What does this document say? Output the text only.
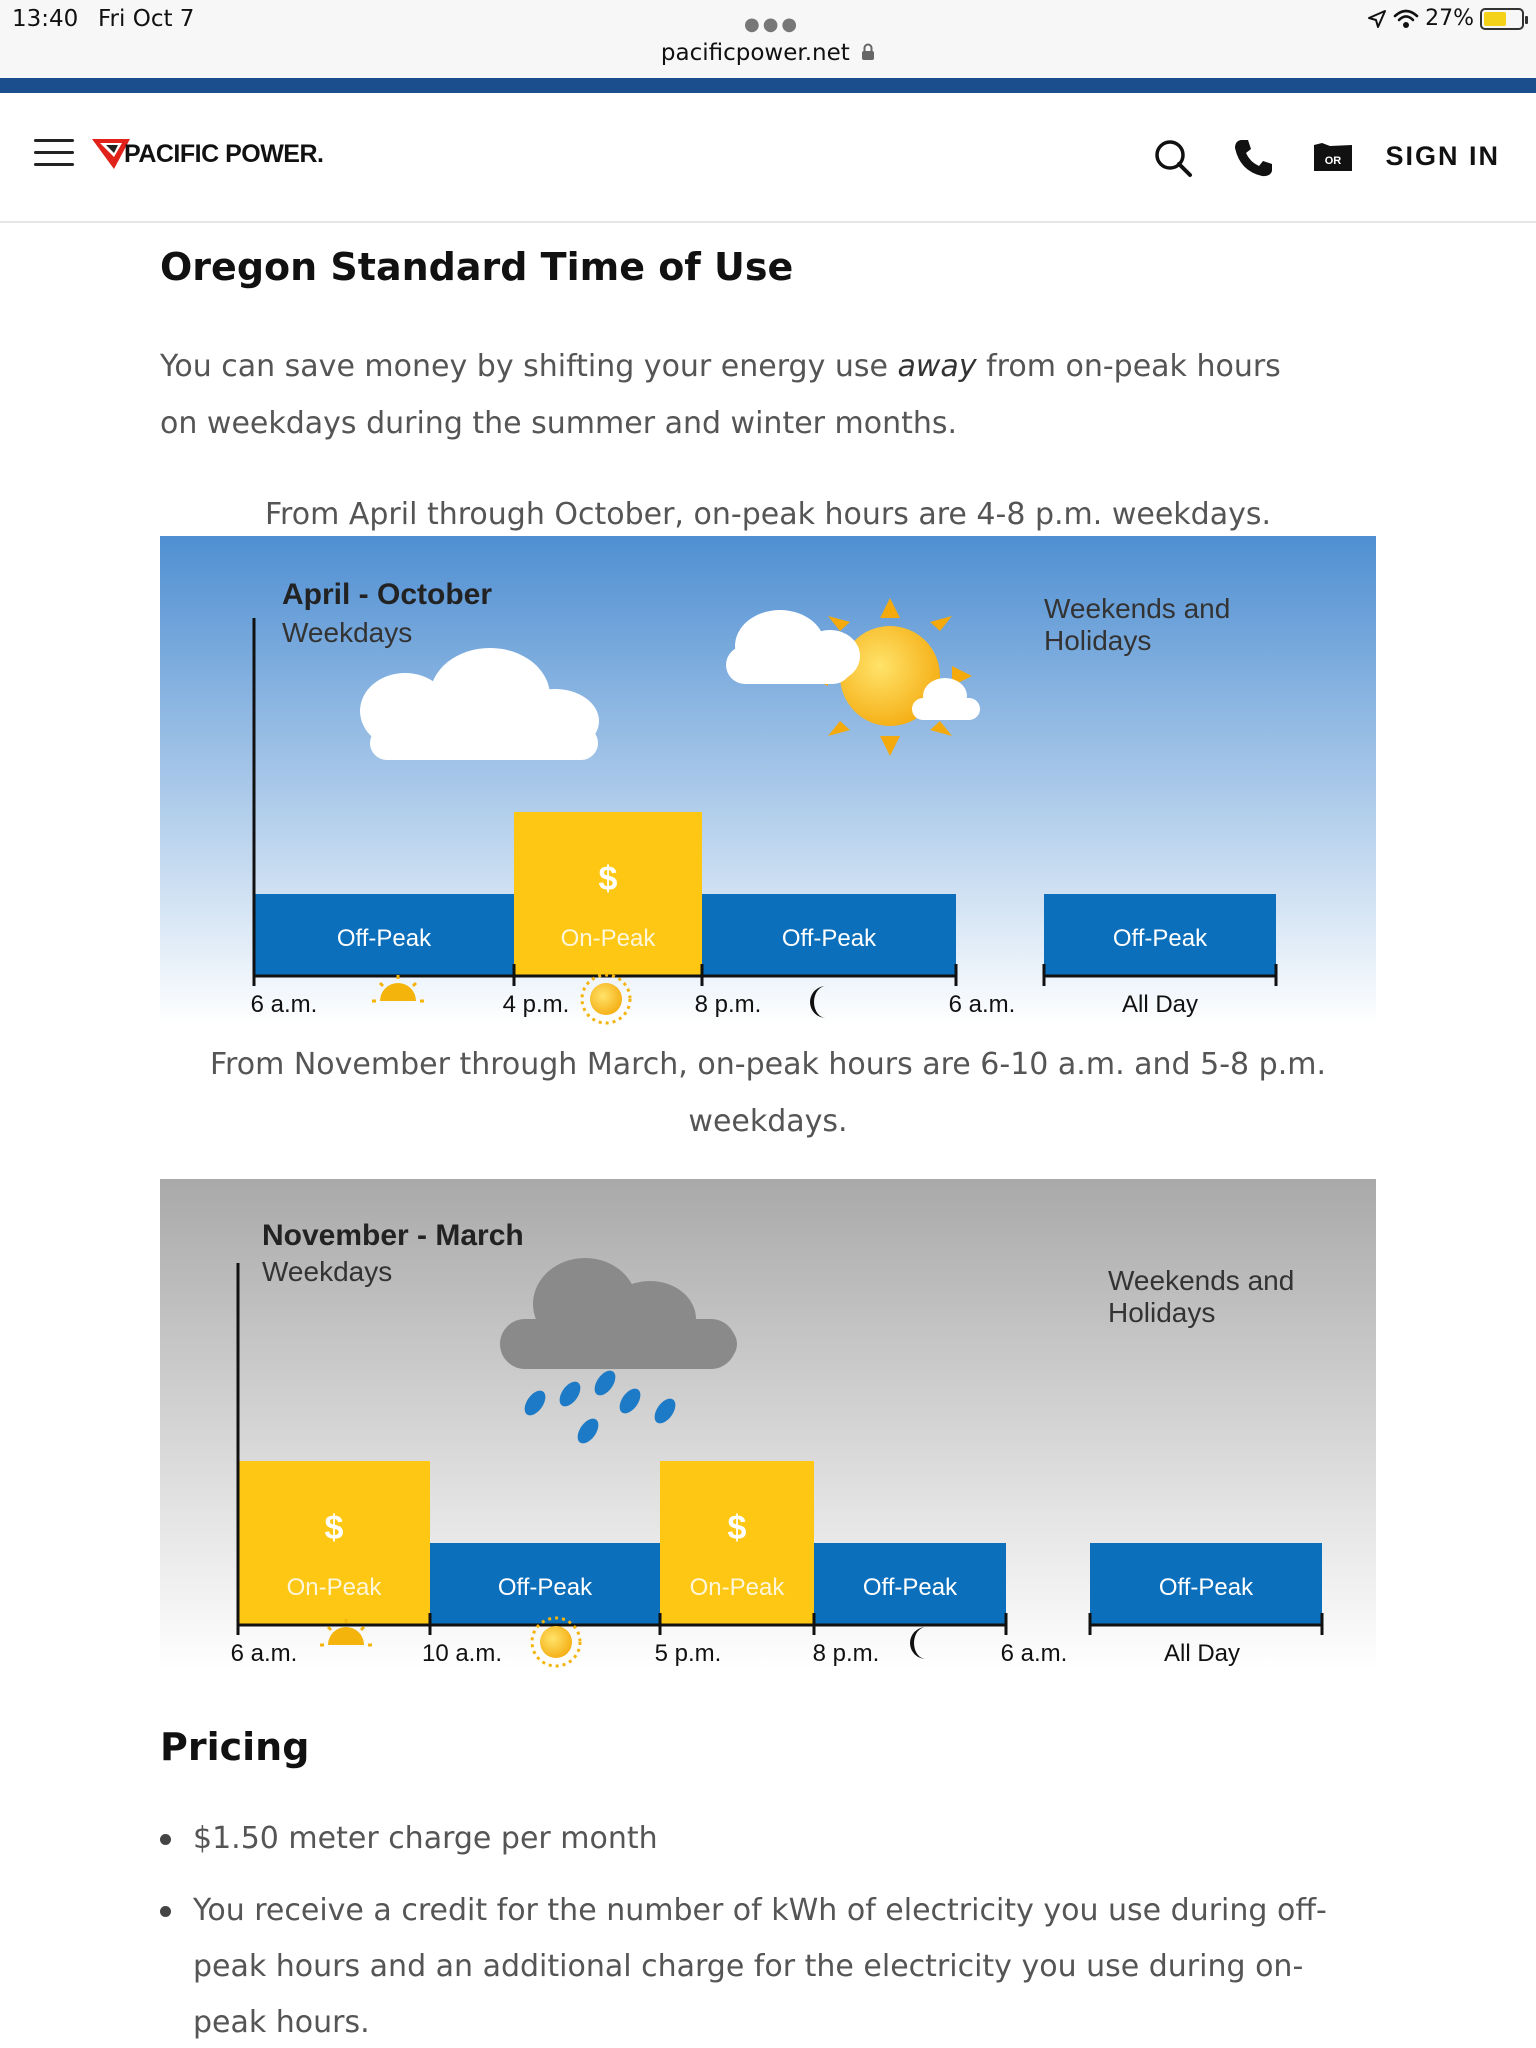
13:40 Fri Oct 7	●●●
pacificpower.net
27%
PACIFIC POWER.	OR SIGN IN
Oregon Standard Time of Use

You can save money by shifting your energy use away from on-peak hours on weekdays during the summer and winter months.

From April through October, on-peak hours are 4-8 p.m. weekdays.

April - October
Weekdays
Weekends and Holidays
Off-Peak	On-Peak
$
Off-Peak	Off-Peak
6 a.m.	4 p.m.	8 p.m.	6 a.m.	All Day

From November through March, on-peak hours are 6-10 a.m. and 5-8 p.m. weekdays.

November - March
Weekdays	Weekends and Holidays
On-Peak
$
Off-Peak	On-Peak
$
Off-Peak	Off-Peak
6 a.m.	10 a.m.	5 p.m.	8 p.m.	6 a.m.	All Day
Pricing
$1.50 meter charge per month
You receive a credit for the number of kWh of electricity you use during off-peak hours and an additional charge for the electricity you use during on-peak hours.
